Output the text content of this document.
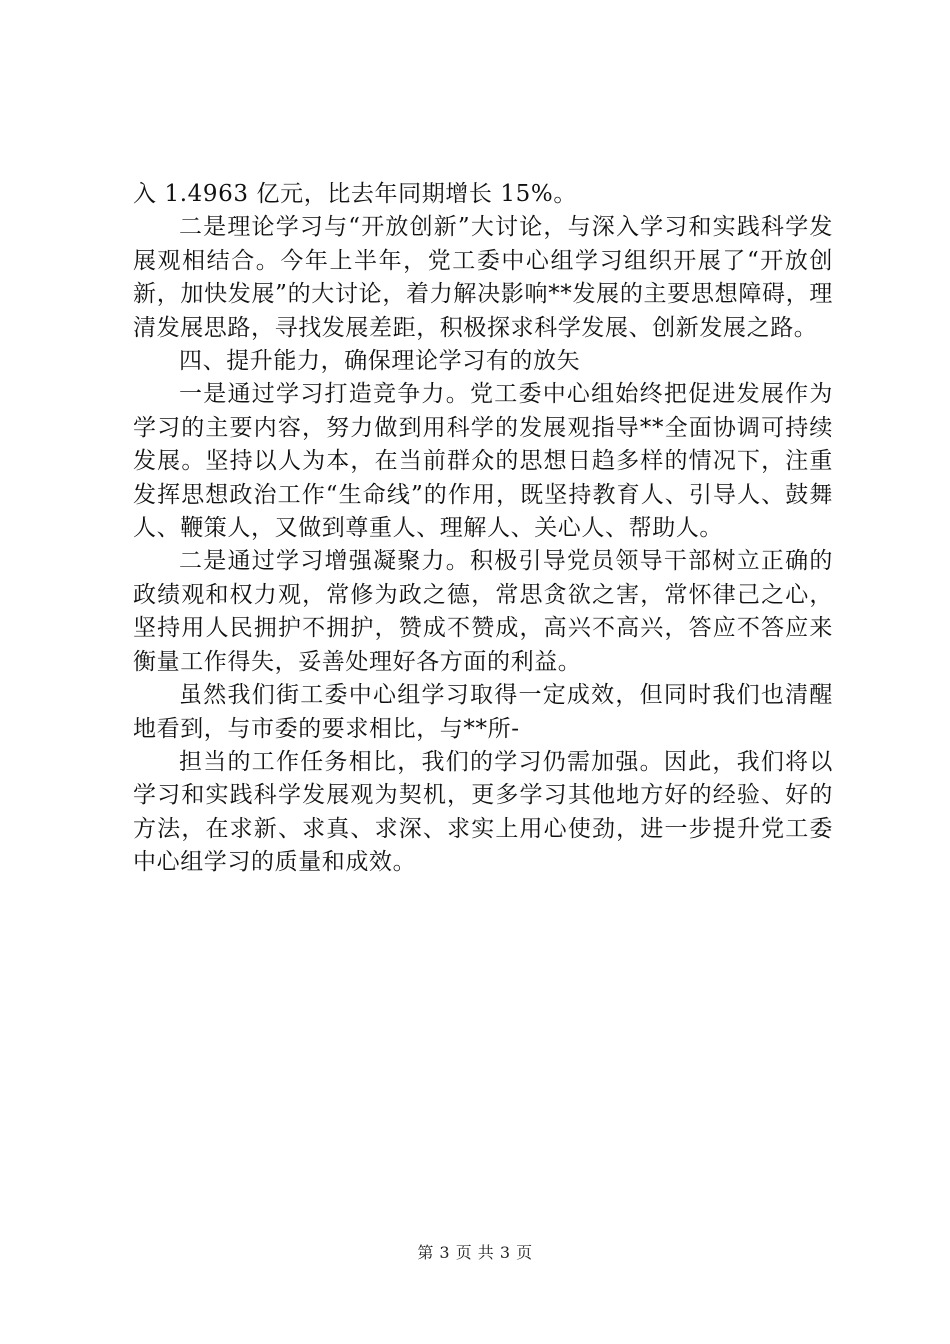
入 1.4963 亿元，比去年同期增长 15%。

二是理论学习与“开放创新”大讨论，与深入学习和实践科学发展观相结合。今年上半年，党工委中心组学习组织开展了“开放创新，加快发展”的大讨论，着力解决影响**发展的主要思想障碍，理清发展思路，寻找发展差距，积极探求科学发展、创新发展之路。

四、提升能力，确保理论学习有的放矢

一是通过学习打造竞争力。党工委中心组始终把促进发展作为学习的主要内容，努力做到用科学的发展观指导**全面协调可持续发展。坚持以人为本，在当前群众的思想日趋多样的情况下，注重发挥思想政治工作“生命线”的作用，既坚持教育人、引导人、鼓舞人、鞭策人，又做到尊重人、理解人、关心人、帮助人。

二是通过学习增强凝聚力。积极引导党员领导干部树立正确的政绩观和权力观，常修为政之德，常思贪欲之害，常怀律己之心，坚持用人民拥护不拥护，赞成不赞成，高兴不高兴，答应不答应来衡量工作得失，妥善处理好各方面的利益。

虽然我们街工委中心组学习取得一定成效，但同时我们也清醒地看到，与市委的要求相比，与**所-

担当的工作任务相比，我们的学习仍需加强。因此，我们将以学习和实践科学发展观为契机，更多学习其他地方好的经验、好的方法，在求新、求真、求深、求实上用心使劲，进一步提升党工委中心组学习的质量和成效。

第 3 页 共 3 页
